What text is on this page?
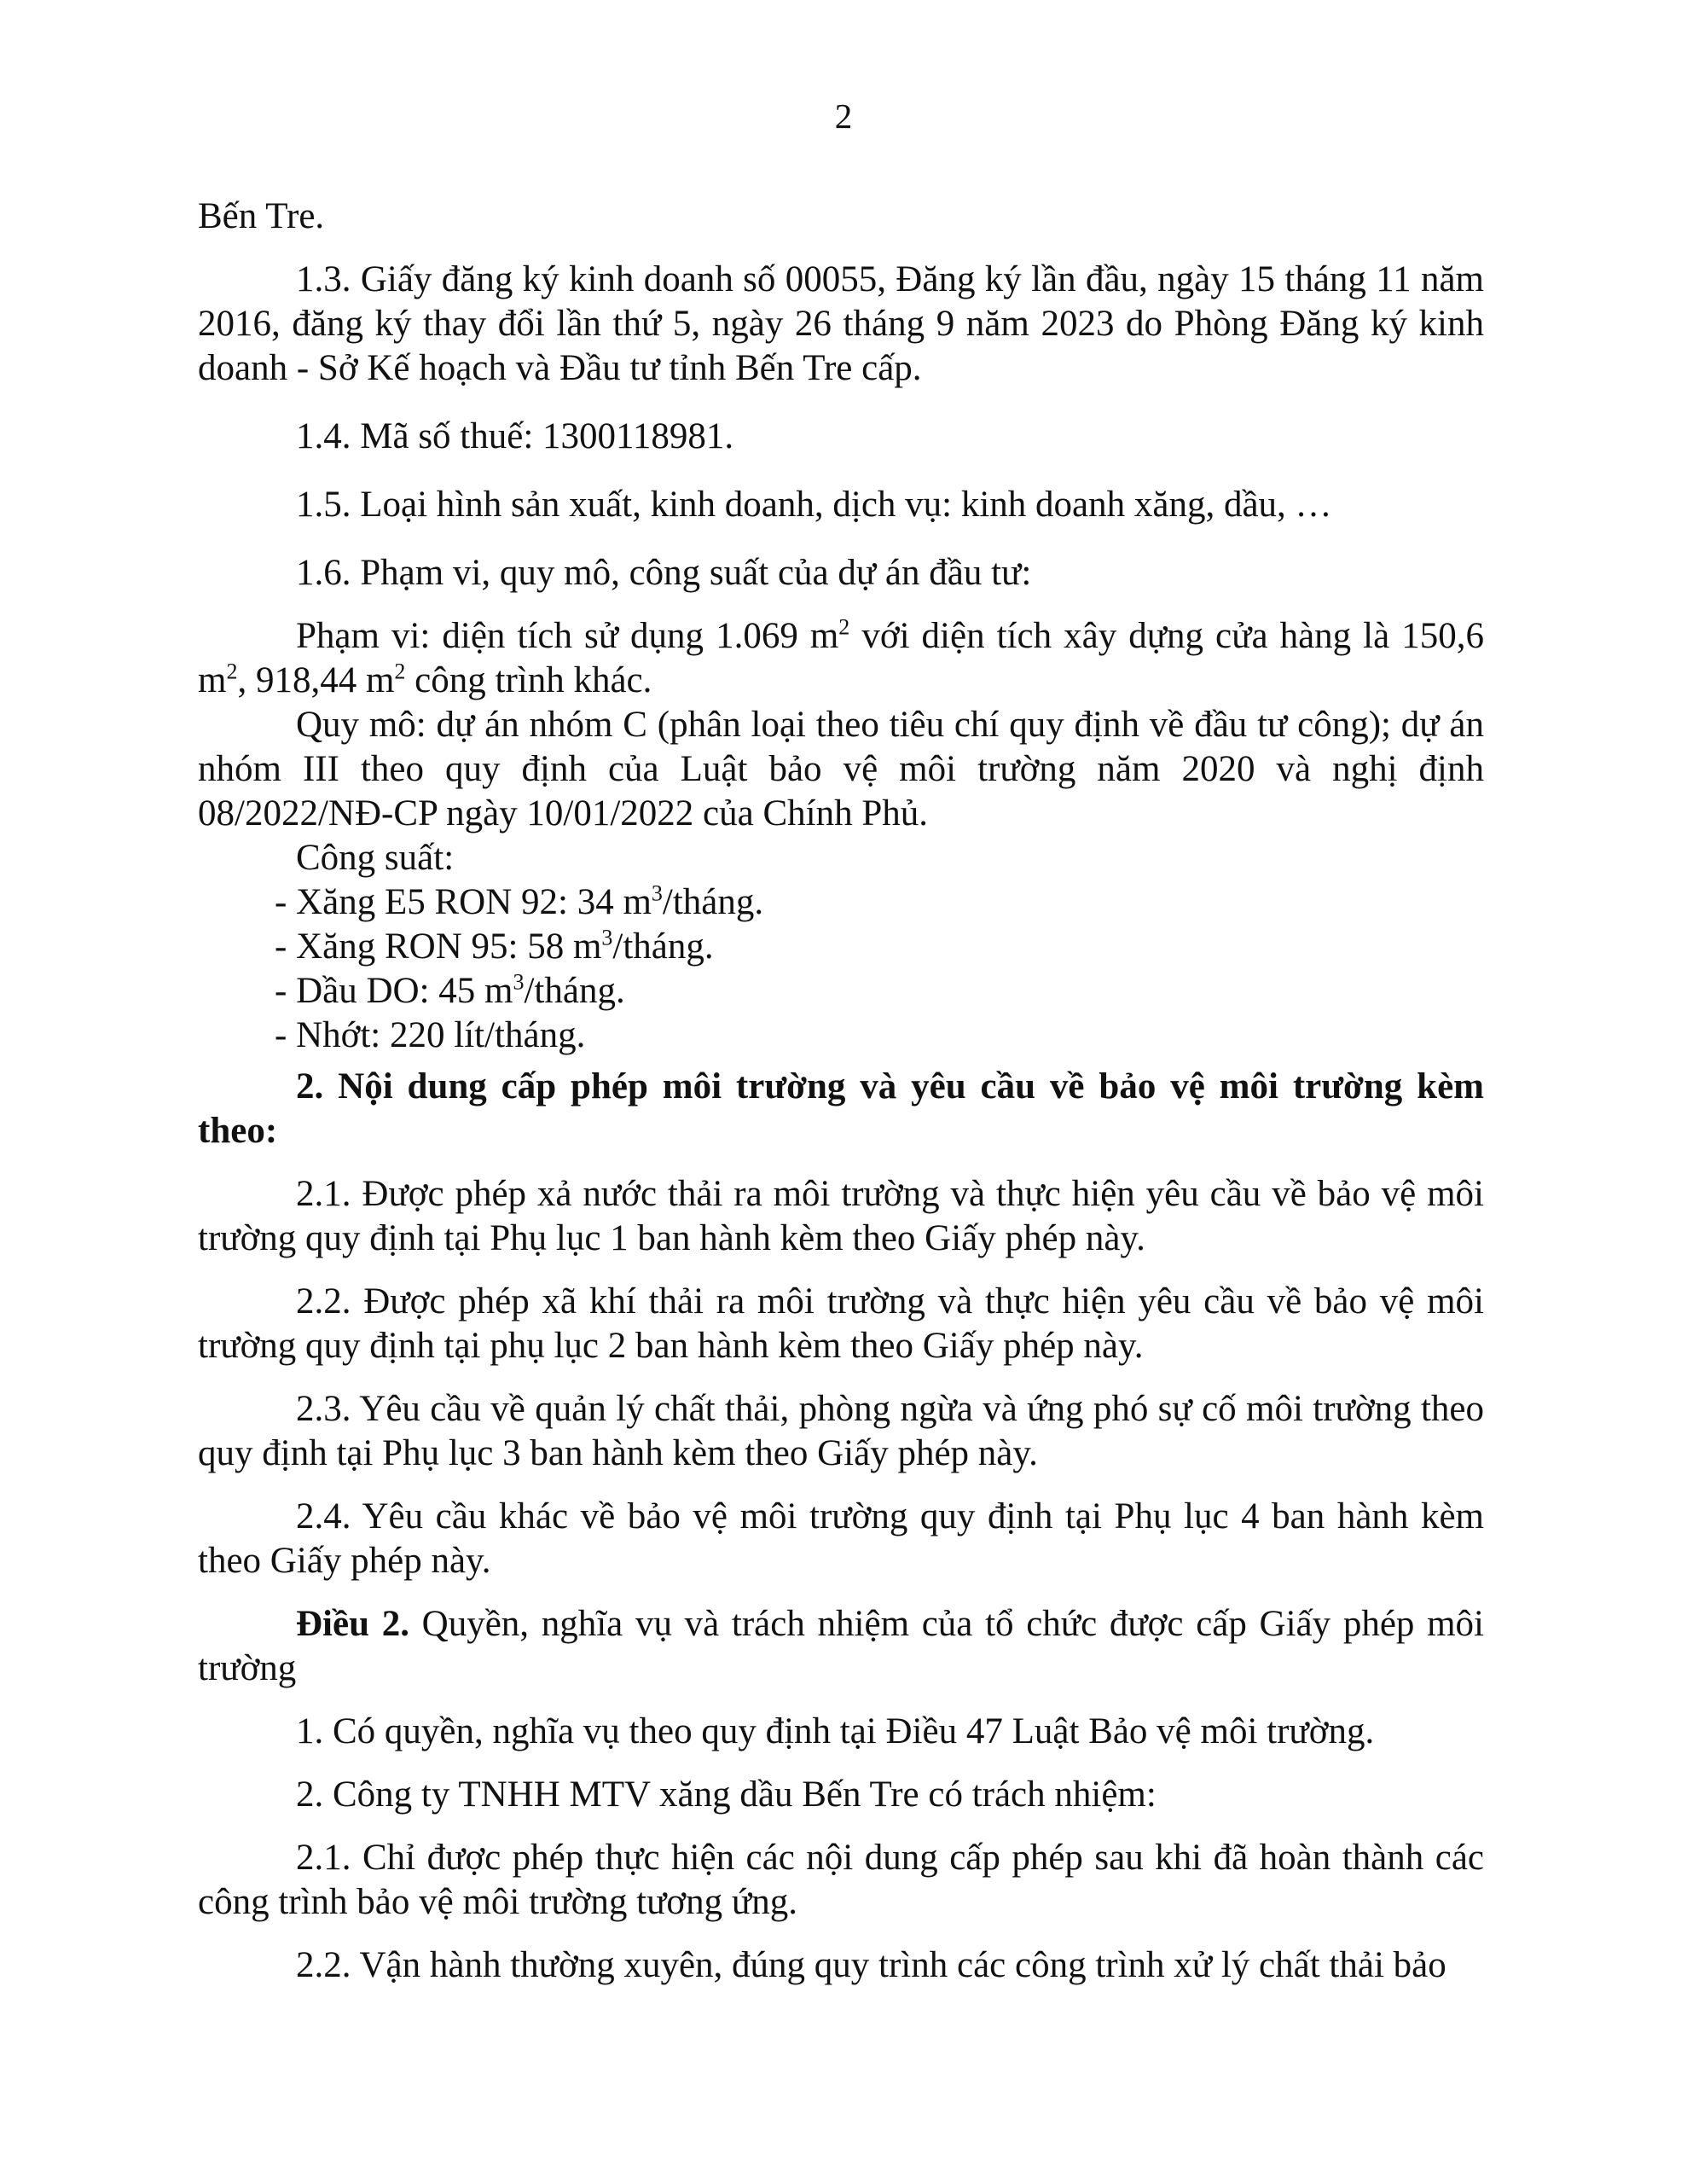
2

Bến Tre.

1.3. Giấy đăng ký kinh doanh số 00055, Đăng ký lần đầu, ngày 15 tháng 11 năm 2016, đăng ký thay đổi lần thứ 5, ngày 26 tháng 9 năm 2023 do Phòng Đăng ký kinh doanh - Sở Kế hoạch và Đầu tư tỉnh Bến Tre cấp.

1.4. Mã số thuế: 1300118981.

1.5. Loại hình sản xuất, kinh doanh, dịch vụ: kinh doanh xăng, dầu, …

1.6. Phạm vi, quy mô, công suất của dự án đầu tư:

Phạm vi: diện tích sử dụng 1.069 $m^2$ với diện tích xây dựng cửa hàng là 150,6 $m^2$, 918,44 $m^2$ công trình khác.

Quy mô: dự án nhóm C (phân loại theo tiêu chí quy định về đầu tư công); dự án nhóm III theo quy định của Luật bảo vệ môi trường năm 2020 và nghị định 08/2022/NĐ-CP ngày 10/01/2022 của Chính Phủ.

Công suất:

- Xăng E5 RON 92: 34 $m^3$/tháng.

- Xăng RON 95: 58 $m^3$/tháng.

- Dầu DO: 45 $m^3$/tháng.

- Nhớt: 220 lít/tháng.

2. Nội dung cấp phép môi trường và yêu cầu về bảo vệ môi trường kèm theo:

2.1. Được phép xả nước thải ra môi trường và thực hiện yêu cầu về bảo vệ môi trường quy định tại Phụ lục 1 ban hành kèm theo Giấy phép này.

2.2. Được phép xã khí thải ra môi trường và thực hiện yêu cầu về bảo vệ môi trường quy định tại phụ lục 2 ban hành kèm theo Giấy phép này.

2.3. Yêu cầu về quản lý chất thải, phòng ngừa và ứng phó sự cố môi trường theo quy định tại Phụ lục 3 ban hành kèm theo Giấy phép này.

2.4. Yêu cầu khác về bảo vệ môi trường quy định tại Phụ lục 4 ban hành kèm theo Giấy phép này.

Điều 2. Quyền, nghĩa vụ và trách nhiệm của tổ chức được cấp Giấy phép môi trường

1. Có quyền, nghĩa vụ theo quy định tại Điều 47 Luật Bảo vệ môi trường.

2. Công ty TNHH MTV xăng dầu Bến Tre có trách nhiệm:

2.1. Chỉ được phép thực hiện các nội dung cấp phép sau khi đã hoàn thành các công trình bảo vệ môi trường tương ứng.

2.2. Vận hành thường xuyên, đúng quy trình các công trình xử lý chất thải bảo
